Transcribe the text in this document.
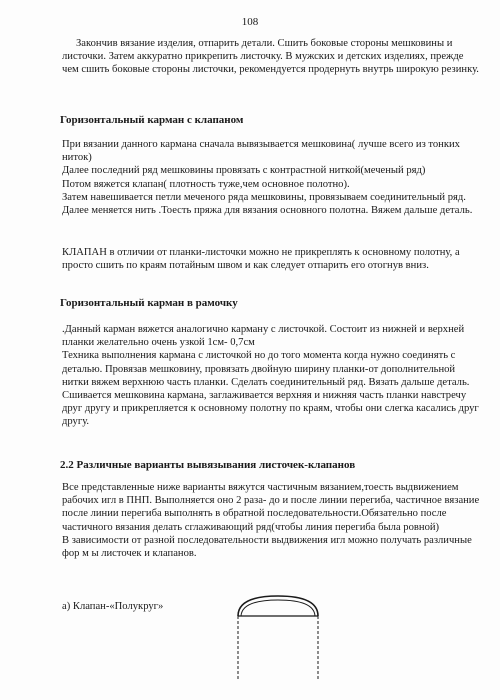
108
Закончив вязание изделия, отпарить детали. Сшить боковые стороны мешковины и листочки. Затем аккуратно прикрепить листочку. В мужских и детских изделиях, прежде чем сшить боковые стороны листочки, рекомендуется продернуть внутрь широкую резинку.
Горизонтальный карман с клапаном
При вязании данного кармана сначала вывязывается мешковина( лучше всего из тонких ниток)
Далее последний ряд мешковины провязать с контрастной ниткой(меченый ряд)
Потом вяжется клапан( плотность туже,чем основное полотно).
Затем навешивается петли меченого ряда мешковины, провязываем соединительный ряд.
Далее меняется нить .Тоесть пряжа для вязания основного полотна. Вяжем дальше деталь.
КЛАПАН в отличии от планки-листочки можно не прикреплять к основному полотну, а просто сшить по краям потайным швом и как следует отпарить его отогнув вниз.
Горизонтальный карман в рамочку
.Данный карман вяжется аналогично карману с листочкой. Состоит из нижней и верхней планки желательно очень узкой 1см- 0,7см
Техника выполнения кармана с листочкой но до того момента когда нужно соединять с деталью. Провязав мешковину, провязать двойную ширину планки-от дополнительной нитки вяжем верхнюю часть планки. Сделать соединительный ряд. Вязать дальше деталь.
Сшивается мешковина кармана, заглаживается верхняя и нижняя часть планки навстречу друг другу и прикрепляется к основному полотну по краям, чтобы они слегка касались друг другу.
2.2 Различные варианты вывязывания листочек-клапанов
Все представленные ниже варианты вяжутся частичным вязанием,тоесть выдвижением рабочих игл в ПНП. Выполняется оно 2 раза- до и после линии перегиба, частичное вязание после линии перегиба выполнять в обратной последовательности.Обязательно после частичного вязания делать сглаживающий ряд(чтобы линия перегиба была ровной)
В зависимости от разной последовательности выдвижения игл можно получать различные фор м ы листочек и клапанов.
а) Клапан-«Полукруг»
